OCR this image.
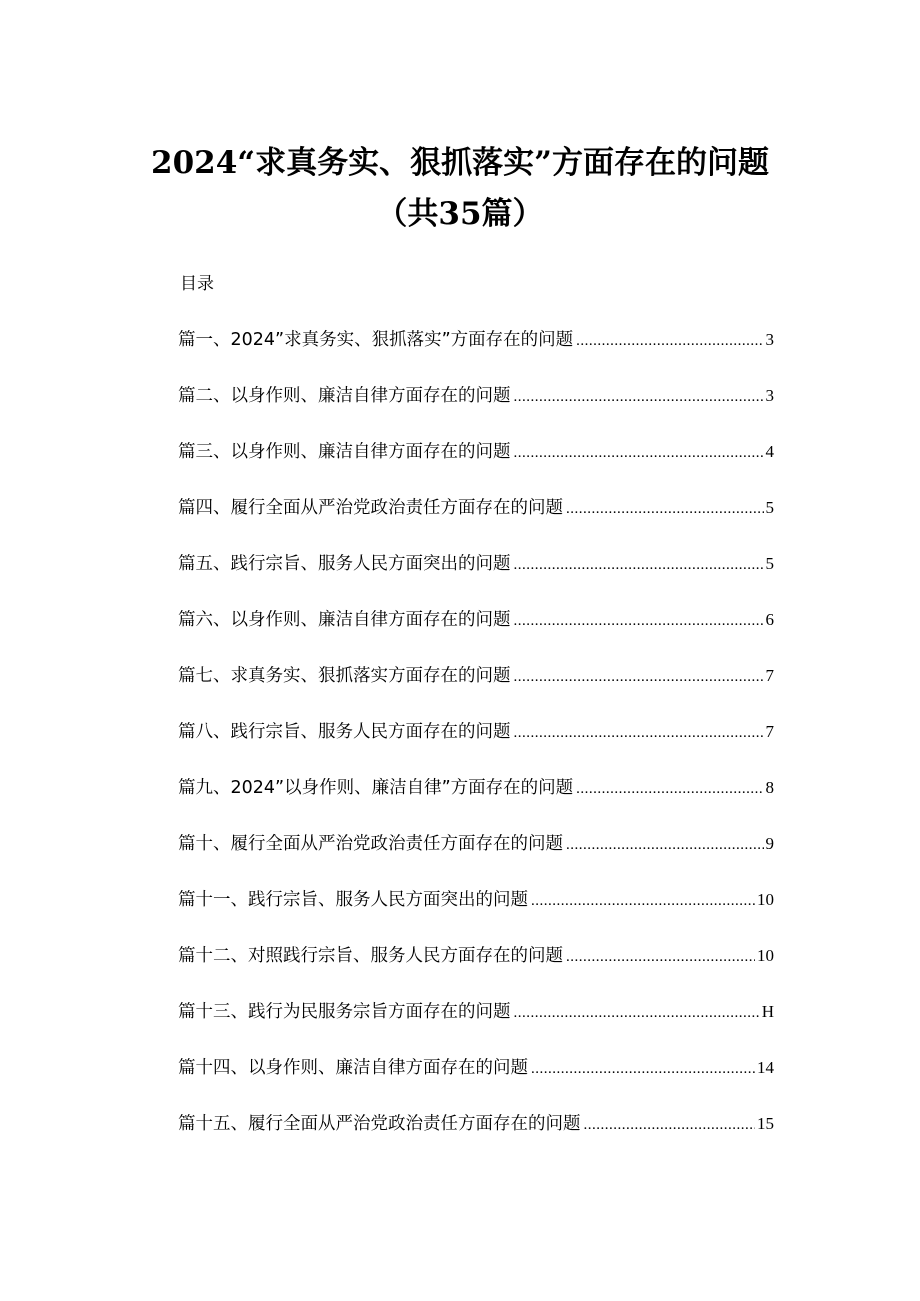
2024“求真务实、狠抓落实”方面存在的问题
（共35篇）
目录
篇一、2024”求真务实、狠抓落实”方面存在的问题 .....	3
篇二、以身作则、廉洁自律方面存在的问题 .....	3
篇三、以身作则、廉洁自律方面存在的问题 .....	4
篇四、履行全面从严治党政治责任方面存在的问题 .....	5
篇五、践行宗旨、服务人民方面突出的问题 .....	5
篇六、以身作则、廉洁自律方面存在的问题 .....	6
篇七、求真务实、狠抓落实方面存在的问题 .....	7
篇八、践行宗旨、服务人民方面存在的问题 .....	7
篇九、2024”以身作则、廉洁自律”方面存在的问题 .....	8
篇十、履行全面从严治党政治责任方面存在的问题 .....	9
篇十一、践行宗旨、服务人民方面突出的问题 .....	10
篇十二、对照践行宗旨、服务人民方面存在的问题 .....	10
篇十三、践行为民服务宗旨方面存在的问题 .....	H
篇十四、以身作则、廉洁自律方面存在的问题 .....	14
篇十五、履行全面从严治党政治责任方面存在的问题 .....	15
